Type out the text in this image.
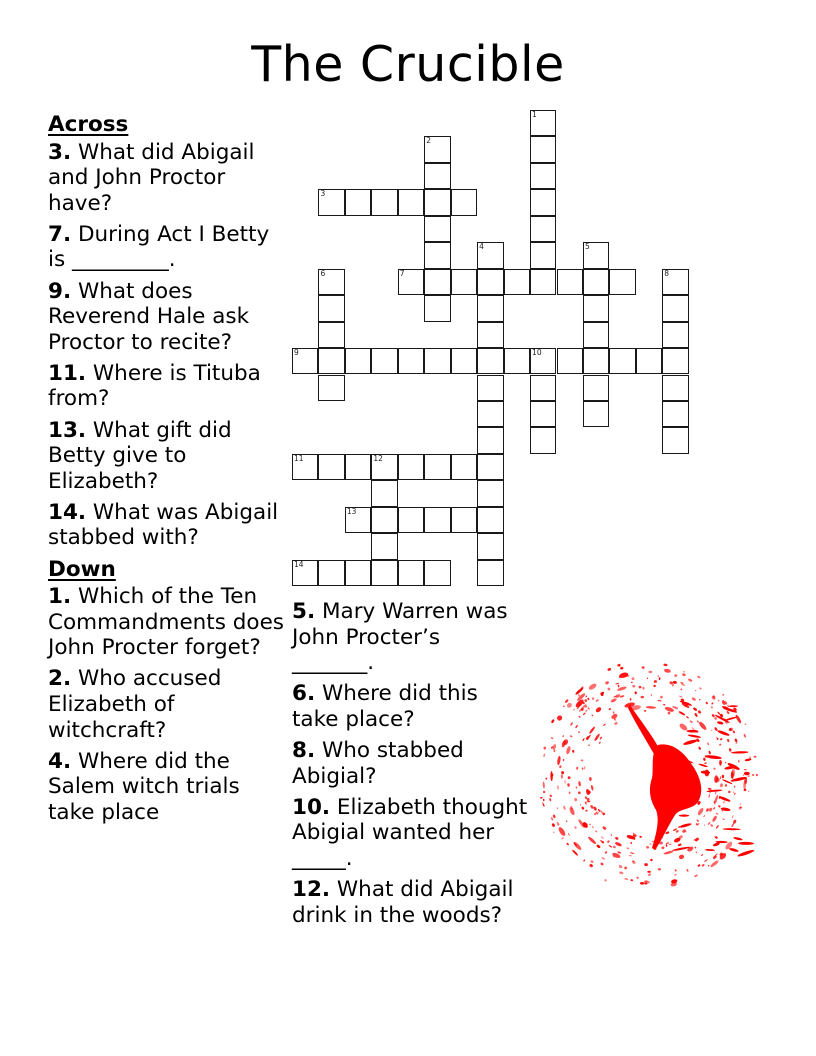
The Crucible
Across
3. What did Abigail and John Proctor have?
7. During Act I Betty is _________.
9. What does Reverend Hale ask Proctor to recite?
11. Where is Tituba from?
13. What gift did Betty give to Elizabeth?
14. What was Abigail stabbed with?
Down
1. Which of the Ten Commandments does John Procter forget?
2. Who accused Elizabeth of witchcraft?
4. Where did the Salem witch trials take place
5. Mary Warren was John Procter’s _______.
6. Where did this take place?
8. Who stabbed Abigial?
10. Elizabeth thought Abigial wanted her _____.
12. What did Abigail drink in the woods?
1
2
3
4	5
6	7	8
9	10
11	12
13
14
